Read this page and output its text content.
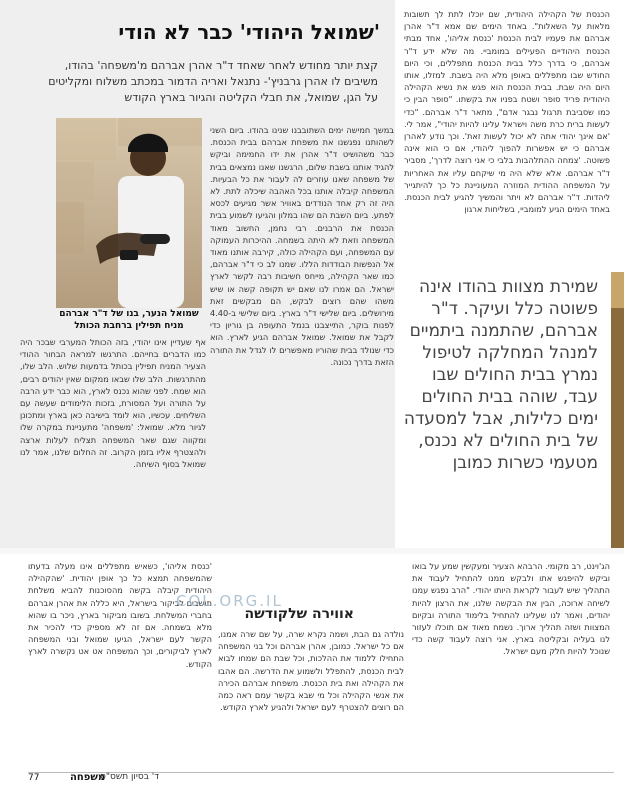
'שמואל היהודי' כבר לא הודי
קצת יותר מחודש לאחר שאחד ד"ר אהרן אברהם מ'משפחה' בהודו, משיבים לו אהרן גרבניץ'- נתנאל ואריה הדמור במכתב משלוח ומקליטים על הגן, שמואל, את חבלי הקליטה והגיור בארץ הקודש
שמואל הנער, בנו של ד"ר אברהם מניח תפילין ברחבת הכותל
הכנסת של הקהילה היהודית, שם יוכלו לתת לך תשובות מלאות על השאלות". באחד הימים שם אמא ד"ר אהרן אברהם את פעמיו לבית הכנסת 'כנסת אליהו', אחד מבתי הכנסת היהודיים הפעילים במומביי. מה שלא ידע ד"ר אברהם, כי בדרך כלל בבית הכנסת מתפללים, וכי היום החודש שבו מתפללים באופן מלא היה בשבת. למזלו, אותו היום היה שבת. בבית הכנסת הוא פגש את נשיא הקהילה היהודית פריד סופר ושטח בפניו את בקשתו. "סופר הבין כי כמו שסביבת תרגול נבגר אדם", מתאר ד"ר אברהם. "כדי לעשות ברית כרת משה וישראל עלינו להיות יהודי", אמר לי. 'אם אינך יהודי אתה לא יכול לעשות זאת'. וכך נודע לאהרן אברהם כי יש אפשרות להפוך ליהודי, אם כי הוא אינה פשוטה. 'צמחה ההתלהבות בלבי כי אני רוצה לדרך', מסביר ד"ר אברהם. אלא שלא היה מי שיקחם עליו את האחריות על המשפחה ההודית המוזרה המעוניינת כל כך להיתגייר ליהדות. ד"ר אברהם לא ויתר והמשיך להגיע לבית הכנסת. באחד הימים הגיע למומביי, בשליחות ארגון
במשך חמישה ימים השתובבנו שנינו בהודו. ביום השני לשהותנו נפגשנו את משפחת אברהם בבית הכנסת. כבר משהושיט ד"ר אהרן את ידו החמימה וביקש להגיד אותנו בשבת שלום, הרגשנו שאנו נמצאים בבית של משפחה שאנו עוזרים לה לעבור את כל הבעיות. המשפחה קיבלה אותנו בכל האהבה שיכלה לתת. לא היה זה רק אחד הנודדים באוויר אשר מגיעים לכסא לפתע. ביום השבת הם שהו במלון והגיעו לשמוע בבית הכנסת את הרבנים. רבי נחמן, החשוב מאוד המשפחה וזאת לא היתה בשמחה. ההיכרות העמוקה עם המשפחה, ועם הקהילה כולה, קירבה אותנו מאוד אל הנפשות הבודדות הללו. שמנו לב כי ד"ר אברהם, כמו שאר הקהילה, מייחס חשיבות רבה לקשר לארץ ישראל. הם אמרו לנו שאם יש תקופה קשה או שיש משהו שהם רוצים לבקש, הם מבקשים זאת מירושלים. ביום שלישי ד"ר בארץ. ביום שלישי ב-4.40 לפנות בוקר, התייצבנו בנמל התעופה בן גוריון כדי לקבל את שמואל. שמואל אברהם הגיע לארץ. הוא כדי שנולד בבית שהוריו מאפשרים לו לגדל את התורה הזאת בדרך נכונה.
אף שעדיין אינו יהודי, בזה הכותל המערבי שבכר היה כמו הדברים בחייהם. התרגשו למראה הבחור ההודי הצעיר המניח תפילין בכותל בדמעות שלוש. הלב שלו, מהתרגשות. הלב שלו שבאו ממקום שאין יהודים רבים, הוא שמח. לפני שהוא נכנס לארץ, הוא כבר ידע הרבה על התורה ועל המסורת, בזכות הלימודים שעשה עם השליחים. עכשיו, הוא לומד בישיבה כאן בארץ ומתכונן לגיור מלא. שמואל: 'משפחה' מתעניינת במקרה שלו ומקווה שגם שאר המשפחה תצליח לעלות ארצה ולהצטרף אליו בזמן הקרוב. זה החלום שלנו, אמר לנו שמואל בסוף השיחה.
שמירת מצוות בהודו אינה פשוטה כלל ועיקר. ד"ר אברהם, שהתמנה ביתמיים למנהל המחלקה לטיפול נמרץ בבית החולים שבו עבד, שוהה בבית החולים ימים כלילות, אבל למסעדה של בית החולים לא נכנס, מטעמי כשרות כמובן
הג'וינט, רב מקומי. הרבהא הצעיר ומעקשין שמע על בואו וביקש להיפגש אתו ולבקש ממנו להתחיל לעבוד את התהליך שיש לעבור לקראת היותו יהודי. "הרב נפגש עמנו לשיחה ארוכה, הבין את הבקשה שלנו, את הרצון להיות יהודים, ואמר לנו שעלינו להתחיל בלימוד התורה ובקיום המצוות ושזה תהליך ארוך. נשמח מאוד אם תוכלו לעזור לנו בעליה ובקליטה בארץ. אני רוצה לעבוד קשה כדי שנוכל להיות חלק מעם ישראל.
אווירה שלקודשה
נולדה גם הבת, ושמה נקרא שרה, על שם שרה אמנו, אם כל ישראל. כמובן, אהרן אברהם וכל בני המשפחה התחילו ללמוד את ההלכות, וכל שבת הם שמחו לבוא לבית הכנסת, להתפלל ולשמוע את הדרשה. הם אהבו את הקהילה ואת בית הכנסת. משפחת אברהם הכירה את אנשי הקהילה וכל מי שבא בקשר עמם ראה כמה הם רוצים להצטרף לעם ישראל ולהגיע לארץ הקודש.
'כנסת אליהו', כשאיש מתפללים אינו מעלה בדעתו שהמשפחה תמצא כל כך אופן יהודית. 'שהקהילה היהודית קיבלה בקשה מהסוכנות להביא משלחת תושבים לביקור בישראל, היא כללה את אהרן אברהם בחברי המשלחת. בשובו מביקור בארץ, ניכר בו שהוא מלא בשמחה. אם זה לא מספיק כדי להכיר את הקשר לעם ישראל, הגיעו שמואל ובני המשפחה לארץ לביקורים, וכך המשפחה אט אט נקשרה לארץ הקודש.
COL.ORG.IL
77	משפחה
ד' בסיון תשס"ס
